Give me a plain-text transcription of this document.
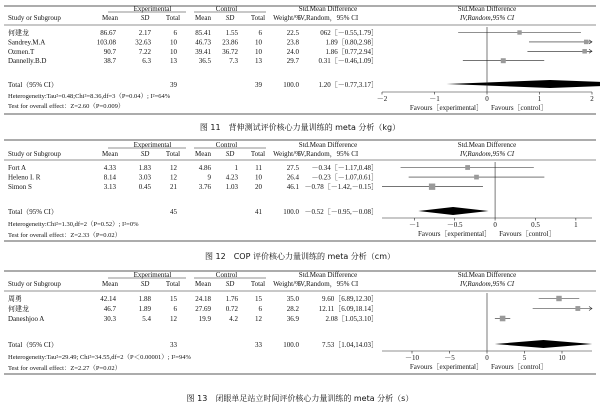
Experimental	Control	Std.Mean Difference	Std.Mean Difference
Study or Subgroup	Mean	SD Total Mean SD Total Weight/%
IV,Random，95% CI	IV,Random,95% CI
何建龙	86.67	2.17	6	85.41 1.55	6	22.5	062［－0.55,1.79］
Sandrey.M.A	103.08	32.63	10	46.73 23.86 10	23.8	1.89［0.80,2.98］
Ozmen.T	90.7	7.22	10	39.41 36.72 10	24.0	1.86［0.77,2.94］
Dannelly.B.D	38.7	6.3	13	36.5	7.3 13	29.7	0.31［－0.46,1.09］
Total（95% CI）	39	39	100.0	1.20［－0.77,3.17］
Heterogeneity:Tau²=0.48;Chi²=8.36,df=3（P=0.04）; I²=64%
Test for overall effect：Z=2.60（P=0.009）
－2	－1	0	1	2
Favours［experimental］ Favours［control］
图 11　背伸测试评价核心力量训练的 meta 分析（kg）
Experimental	Control	Std.Mean Difference	Std.Mean Difference
Study or Subgroup	Mean	SD Total Mean SD Total Weight/%
IV,Random，95% CI	IV,Random,95% CI
Fort A	4.33	1.83	12	4.86	1 11	27.5 －0.34［－1.17,0.48］
Heleno I. R	8.14	3.03	12	9 4.23 10	26.4 －0.23［－1.07,0.61］
Simon S	3.13	0.45	21	3.76 1.03 20	46.1 －0.78［－1.42,－0.15］
Total（95% CI）	45	41	100.0 －0.52［－0.95,－0.08］
Heterogeneity:Chi²=1.30,df=2（P=0.52）; I²=0%
Test for overall effect：Z=2.33（P=0.02）
－1	－0.5	0	0.5	1
Favours［experimental］ Favours［control］
图 12　COP 评价核心力量训练的 meta 分析（cm）
Experimental	Control	Std.Mean Difference	Std.Mean Difference
Study or Subgroup	Mean	SD Total Mean SD Total Weight/%
IV,Random，95% CI	IV,Random,95% CI
周勇	42.14	1.88	15	24.18 1.76 15	35.0	9.60［6.89,12.30］
何建龙	46.7	1.89	6	27.69 0.72	6	28.2	12.11［6.09,18.14］
Daneshjoo A	30.3	5.4	12	19.9	4.2 12	36.9	2.08［1.05,3.10］
Total（95% CI）	33	33	100.0	7.53［1.04,14.03］
Heterogeneity:Tau²=29.49; Chi²=34.55,df=2（P＜0.00001）; I²=94%
Test for overall effect：Z=2.27（P=0.02）
－10	－5	0	5	10
Favours［experimental］ Favours［control］
图 13　闭眼单足站立时间评价核心力量训练的 meta 分析（s）
